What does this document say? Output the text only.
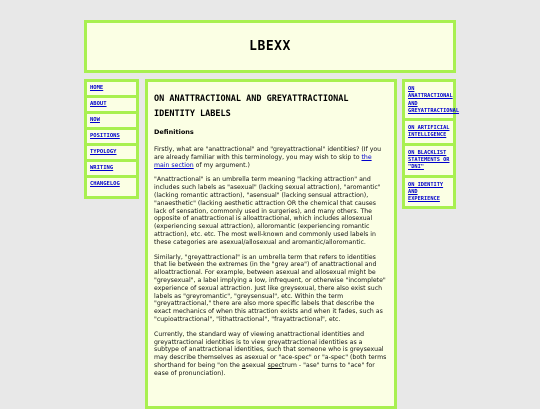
LBEXX
HOME
ABOUT
NOW
POSITIONS
TYPOLOGY
WRITING
CHANGELOG
ON ANATTRACTIONAL AND GREYATTRACTIONAL IDENTITY LABELS
Definitions

Firstly, what are "anattractional" and "greyattractional" identities? (If you are already familiar with this terminology, you may wish to skip to the main section of my argument.)

"Anattractional" is an umbrella term meaning "lacking attraction" and includes such labels as "asexual" (lacking sexual attraction), "aromantic" (lacking romantic attraction), "asensual" (lacking sensual attraction), "anaesthetic" (lacking aesthetic attraction OR the chemical that causes lack of sensation, commonly used in surgeries), and many others. The opposite of anattractional is alloattractional, which includes allosexual (experiencing sexual attraction), alloromantic (experiencing romantic attraction), etc. etc. The most well-known and commonly used labels in these categories are asexual/allosexual and aromantic/alloromantic.

Similarly, "greyattractional" is an umbrella term that refers to identities that lie between the extremes (in the "grey area") of anattractional and alloattractional. For example, between asexual and allosexual might be "greysexual", a label implying a low, infrequent, or otherwise "incomplete" experience of sexual attraction. Just like greysexual, there also exist such labels as "greyromantic", "greysensual", etc. Within the term "greyattractional," there are also more specific labels that describe the exact mechanics of when this attraction exists and when it fades, such as "cupioattractional", "lithattractional", "frayattractional", etc.

Currently, the standard way of viewing anattractional identities and greyattractional identities is to view greyattractional identities as a subtype of anattractional identities, such that someone who is greysexual may describe themselves as asexual or "ace-spec" or "a-spec" (both terms shorthand for being "on the asexual spectrum - "ase" turns to "ace" for ease of pronunciation).

ON ANATTRACTIONAL AND GREYATTRACTIONAL
ON ARTIFICIAL INTELLIGENCE
ON BLACKLIST STATEMENTS OR "DNI"
ON IDENTITY AND EXPERIENCE
